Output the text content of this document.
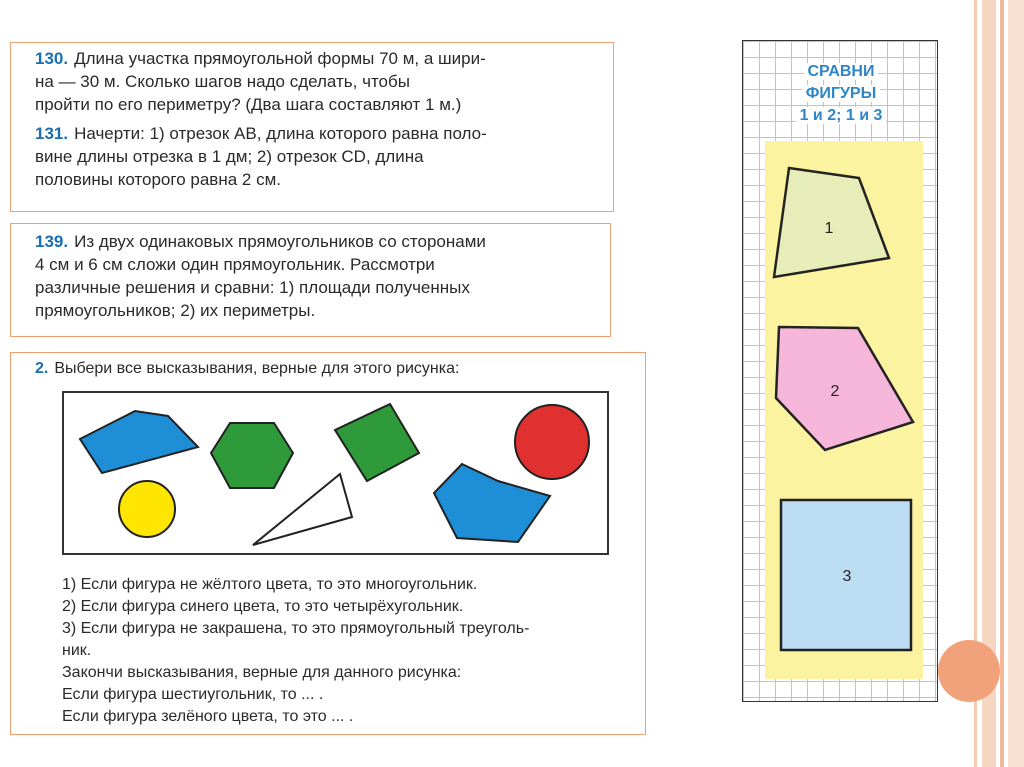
130. Длина участка прямоугольной формы 70 м, а шири-
на — 30 м. Сколько шагов надо сделать, чтобы
пройти по его периметру? (Два шага составляют 1 м.)

131. Начерти: 1) отрезок АВ, длина которого равна поло-
вине длины отрезка в 1 дм; 2) отрезок CD, длина
половины которого равна 2 см.

139. Из двух одинаковых прямоугольников со сторонами
4 см и 6 см сложи один прямоугольник. Рассмотри
различные решения и сравни: 1) площади полученных
прямоугольников; 2) их периметры.

2. Выбери все высказывания, верные для этого рисунка:

1) Если фигура не жёлтого цвета, то это многоугольник.
2) Если фигура синего цвета, то это четырёхугольник.
3) Если фигура не закрашена, то это прямоугольный треуголь-
ник.
Закончи высказывания, верные для данного рисунка:
Если фигура шестиугольник, то ... .
Если фигура зелёного цвета, то это ... .
СРАВНИ
ФИГУРЫ
1 и 2; 1 и 3
1
2
3
